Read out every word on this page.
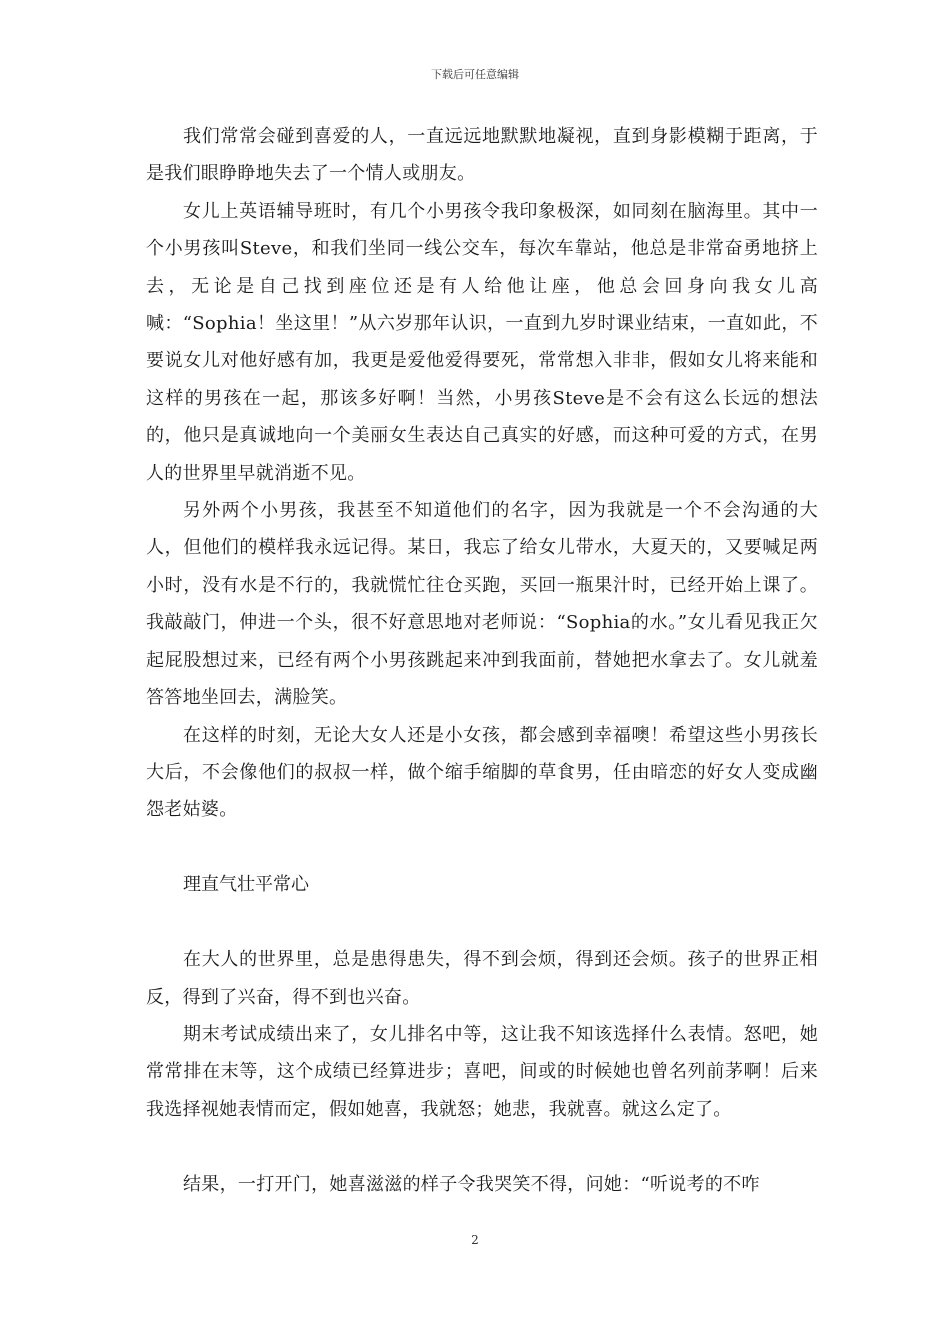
下载后可任意编辑

我们常常会碰到喜爱的人，一直远远地默默地凝视，直到身影模糊于距离，于是我们眼睁睁地失去了一个情人或朋友。

女儿上英语辅导班时，有几个小男孩令我印象极深，如同刻在脑海里。其中一个小男孩叫Steve，和我们坐同一线公交车，每次车靠站，他总是非常奋勇地挤上去，无论是自己找到座位还是有人给他让座，他总会回身向我女儿高喊：“Sophia！坐这里！”从六岁那年认识，一直到九岁时课业结束，一直如此，不要说女儿对他好感有加，我更是爱他爱得要死，常常想入非非，假如女儿将来能和这样的男孩在一起，那该多好啊！当然，小男孩Steve是不会有这么长远的想法的，他只是真诚地向一个美丽女生表达自己真实的好感，而这种可爱的方式，在男人的世界里早就消逝不见。

另外两个小男孩，我甚至不知道他们的名字，因为我就是一个不会沟通的大人，但他们的模样我永远记得。某日，我忘了给女儿带水，大夏天的，又要喊足两小时，没有水是不行的，我就慌忙往仓买跑，买回一瓶果汁时，已经开始上课了。我敲敲门，伸进一个头，很不好意思地对老师说：“Sophia的水。”女儿看见我正欠起屁股想过来，已经有两个小男孩跳起来冲到我面前，替她把水拿去了。女儿就羞答答地坐回去，满脸笑。

在这样的时刻，无论大女人还是小女孩，都会感到幸福噢！希望这些小男孩长大后，不会像他们的叔叔一样，做个缩手缩脚的草食男，任由暗恋的好女人变成幽怨老姑婆。

理直气壮平常心

在大人的世界里，总是患得患失，得不到会烦，得到还会烦。孩子的世界正相反，得到了兴奋，得不到也兴奋。

期末考试成绩出来了，女儿排名中等，这让我不知该选择什么表情。怒吧，她常常排在末等，这个成绩已经算进步；喜吧，间或的时候她也曾名列前茅啊！后来我选择视她表情而定，假如她喜，我就怒；她悲，我就喜。就这么定了。

结果，一打开门，她喜滋滋的样子令我哭笑不得，问她：“听说考的不咋

2
